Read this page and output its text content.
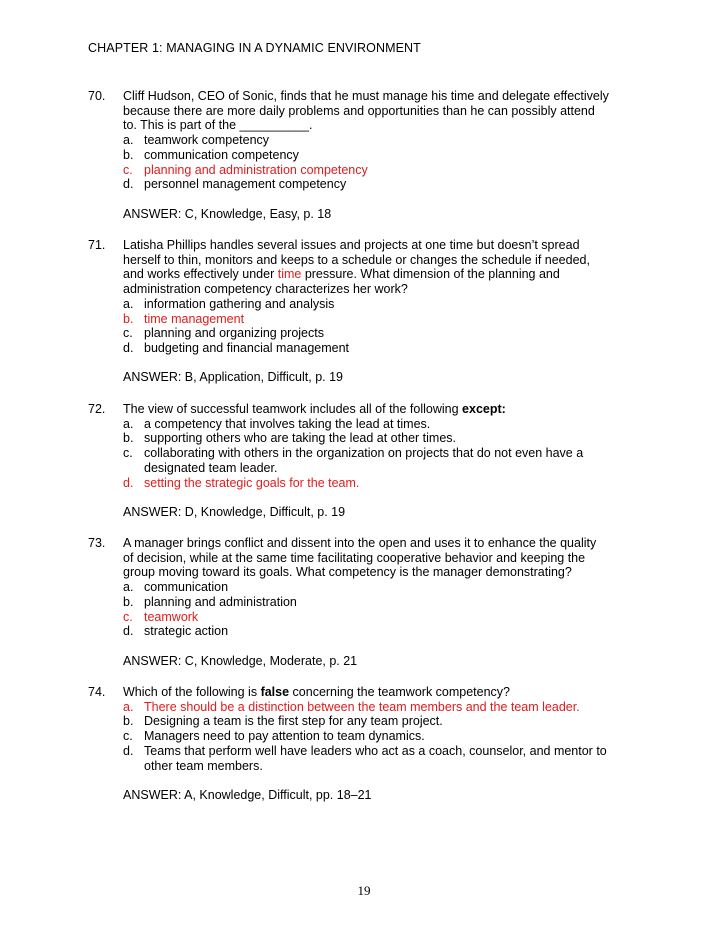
CHAPTER 1: MANAGING IN A DYNAMIC ENVIRONMENT
70.	Cliff Hudson, CEO of Sonic, finds that he must manage his time and delegate effectively
because there are more daily problems and opportunities than he can possibly attend
to. This is part of the __________.
a. teamwork competency
b. communication competency
c. planning and administration competency
d. personnel management competency
ANSWER: C, Knowledge, Easy, p. 18
71.	Latisha Phillips handles several issues and projects at one time but doesn’t spread
herself to thin, monitors and keeps to a schedule or changes the schedule if needed,
and works effectively under time pressure. What dimension of the planning and
administration competency characterizes her work?
a. information gathering and analysis
b. time management
c. planning and organizing projects
d. budgeting and financial management
ANSWER: B, Application, Difficult, p. 19
72.	The view of successful teamwork includes all of the following except:
a. a competency that involves taking the lead at times.
b. supporting others who are taking the lead at other times.
c. collaborating with others in the organization on projects that do not even have a
designated team leader.
d. setting the strategic goals for the team.
ANSWER: D, Knowledge, Difficult, p. 19
73.	A manager brings conflict and dissent into the open and uses it to enhance the quality
of decision, while at the same time facilitating cooperative behavior and keeping the
group moving toward its goals. What competency is the manager demonstrating?
a. communication
b. planning and administration
c. teamwork
d. strategic action
ANSWER: C, Knowledge, Moderate, p. 21
74.	Which of the following is false concerning the teamwork competency?
a. There should be a distinction between the team members and the team leader.
b. Designing a team is the first step for any team project.
c. Managers need to pay attention to team dynamics.
d. Teams that perform well have leaders who act as a coach, counselor, and mentor to
other team members.
ANSWER: A, Knowledge, Difficult, pp. 18–21
19
